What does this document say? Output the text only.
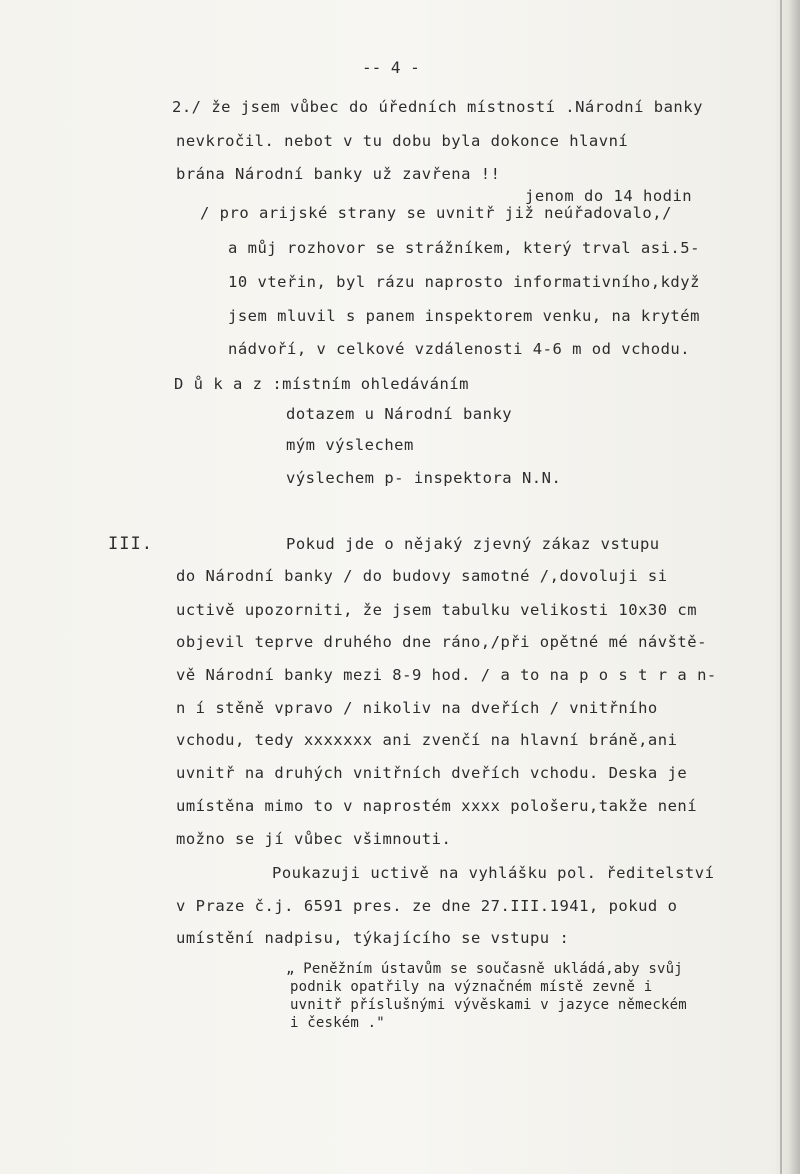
-- 4 -
III.
2./ že jsem vůbec do úředních místností .Národní banky
nevkročil. nebot v tu dobu byla dokonce hlavní
brána Národní banky už zavřena !!
jenom do 14 hodin
/ pro arijské strany se uvnitř již neúřadovalo,/
a můj rozhovor se strážníkem, který trval asi.5-
10 vteřin, byl rázu naprosto informativního,když
jsem mluvil s panem inspektorem venku, na krytém
nádvoří, v celkové vzdálenosti 4-6 m od vchodu.
D ů k a z :místním ohledáváním
dotazem u Národní banky
mým výslechem
výslechem p- inspektora N.N.
Pokud jde o nějaký zjevný zákaz vstupu
do Národní banky / do budovy samotné /,dovoluji si
uctivě upozorniti, že jsem tabulku velikosti 10x30 cm
objevil teprve druhého dne ráno,/při opětné mé návště-
vě Národní banky mezi 8-9 hod. / a to na p o s t r a n-
n í stěně vpravo / nikoliv na dveřích / vnitřního
vchodu, tedy xxxxxxx ani zvenčí na hlavní bráně,ani
uvnitř na druhých vnitřních dveřích vchodu. Deska je
umístěna mimo to v naprostém xxxx pološeru,takže není
možno se jí vůbec všimnouti.
Poukazuji uctivě na vyhlášku pol. ředitelství
v Praze č.j. 6591 pres. ze dne 27.III.1941, pokud o
umístění nadpisu, týkajícího se vstupu :
„ Peněžním ústavům se současně ukládá,aby svůj
podnik opatřily na význačném místě zevně i
uvnitř příslušnými vývěskami v jazyce německém
i českém ."
